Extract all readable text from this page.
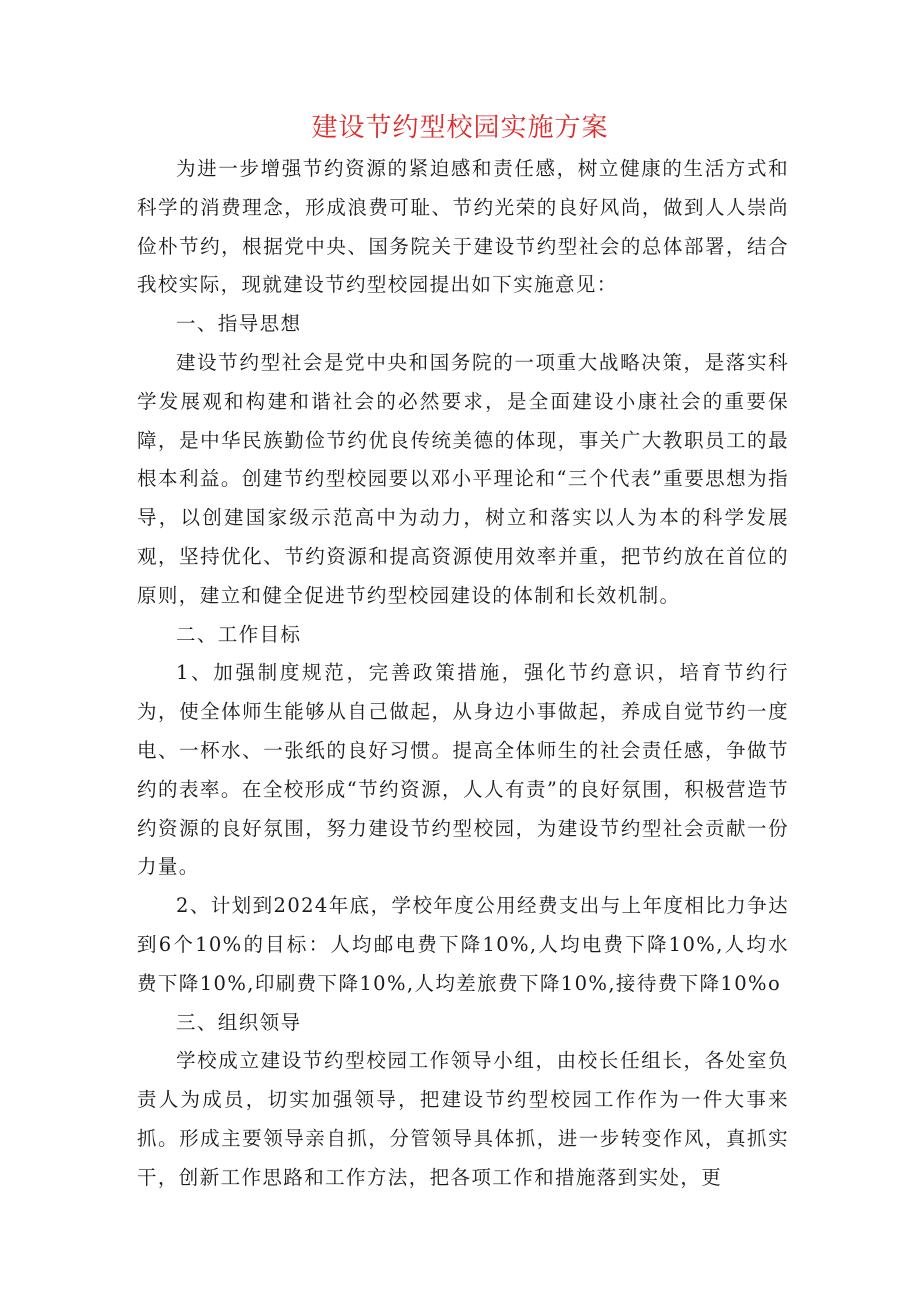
建设节约型校园实施方案

为进一步增强节约资源的紧迫感和责任感，树立健康的生活方式和科学的消费理念，形成浪费可耻、节约光荣的良好风尚，做到人人崇尚俭朴节约，根据党中央、国务院关于建设节约型社会的总体部署，结合我校实际，现就建设节约型校园提出如下实施意见：

一、指导思想

建设节约型社会是党中央和国务院的一项重大战略决策，是落实科学发展观和构建和谐社会的必然要求，是全面建设小康社会的重要保障，是中华民族勤俭节约优良传统美德的体现，事关广大教职员工的最根本利益。创建节约型校园要以邓小平理论和“三个代表”重要思想为指导，以创建国家级示范高中为动力，树立和落实以人为本的科学发展观，坚持优化、节约资源和提高资源使用效率并重，把节约放在首位的原则，建立和健全促进节约型校园建设的体制和长效机制。

二、工作目标

1、加强制度规范，完善政策措施，强化节约意识，培育节约行为，使全体师生能够从自己做起，从身边小事做起，养成自觉节约一度电、一杯水、一张纸的良好习惯。提高全体师生的社会责任感，争做节约的表率。在全校形成“节约资源，人人有责”的良好氛围，积极营造节约资源的良好氛围，努力建设节约型校园，为建设节约型社会贡献一份力量。

2、计划到2024年底，学校年度公用经费支出与上年度相比力争达到6个10%的目标：人均邮电费下降10%,人均电费下降10%,人均水费下降10%,印刷费下降10%,人均差旅费下降10%,接待费下降10%o

三、组织领导

学校成立建设节约型校园工作领导小组，由校长任组长，各处室负责人为成员，切实加强领导，把建设节约型校园工作作为一件大事来抓。形成主要领导亲自抓，分管领导具体抓，进一步转变作风，真抓实干，创新工作思路和工作方法，把各项工作和措施落到实处，更
